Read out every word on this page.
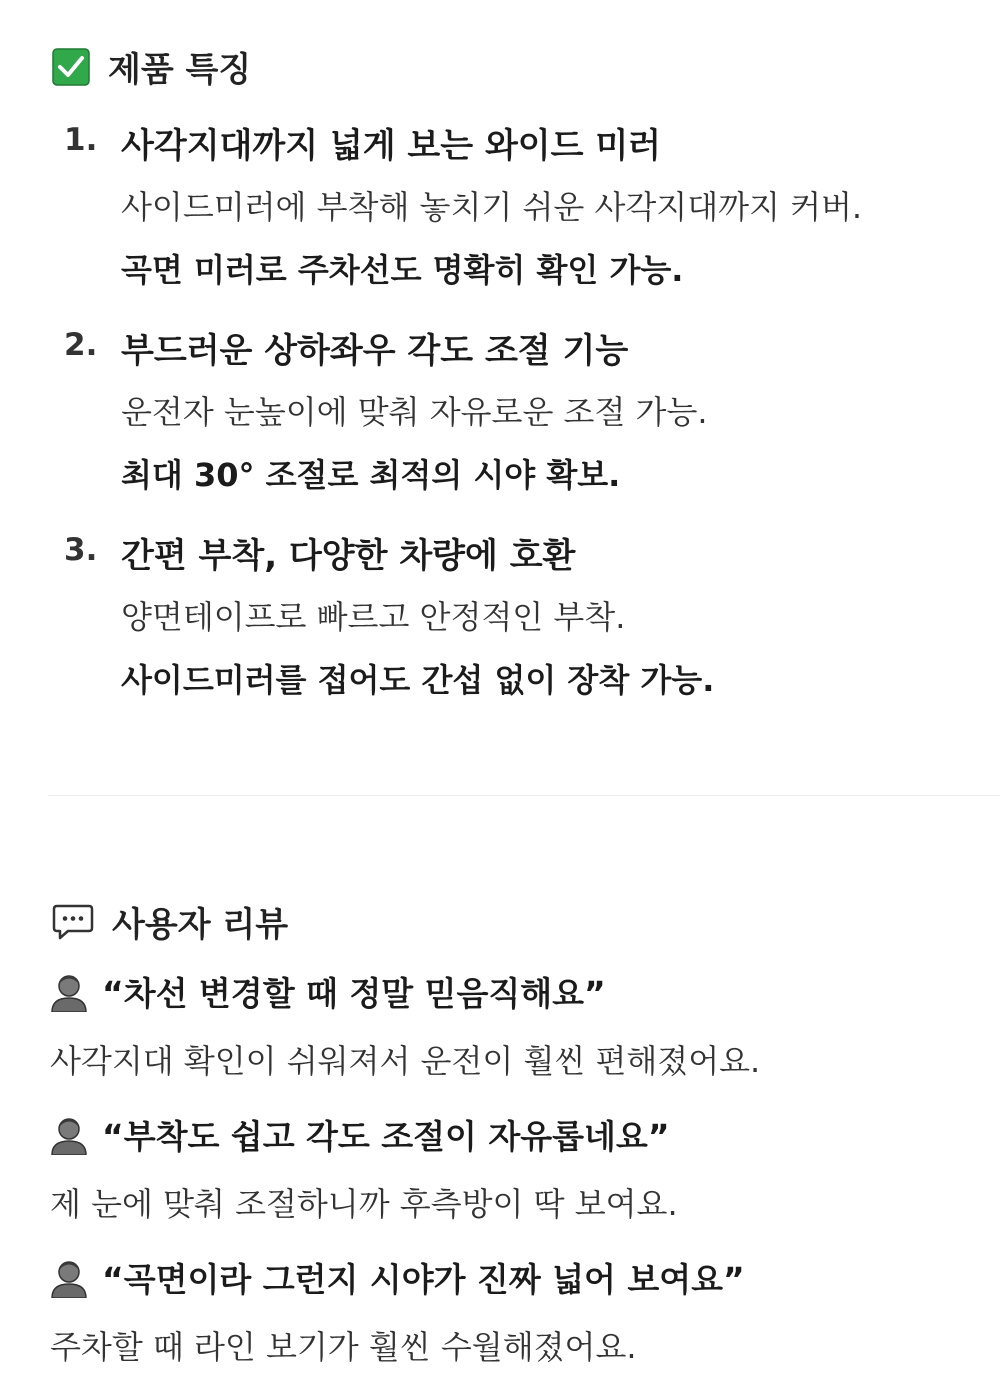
제품 특징
1. 사각지대까지 넓게 보는 와이드 미러
사이드미러에 부착해 놓치기 쉬운 사각지대까지 커버.
곡면 미러로 주차선도 명확히 확인 가능.
2. 부드러운 상하좌우 각도 조절 기능
운전자 눈높이에 맞춰 자유로운 조절 가능.
최대 30° 조절로 최적의 시야 확보.
3. 간편 부착, 다양한 차량에 호환
양면테이프로 빠르고 안정적인 부착.
사이드미러를 접어도 간섭 없이 장착 가능.
사용자 리뷰
“차선 변경할 때 정말 믿음직해요”
사각지대 확인이 쉬워져서 운전이 훨씬 편해졌어요.
“부착도 쉽고 각도 조절이 자유롭네요”
제 눈에 맞춰 조절하니까 후측방이 딱 보여요.
“곡면이라 그런지 시야가 진짜 넓어 보여요”
주차할 때 라인 보기가 훨씬 수월해졌어요.
